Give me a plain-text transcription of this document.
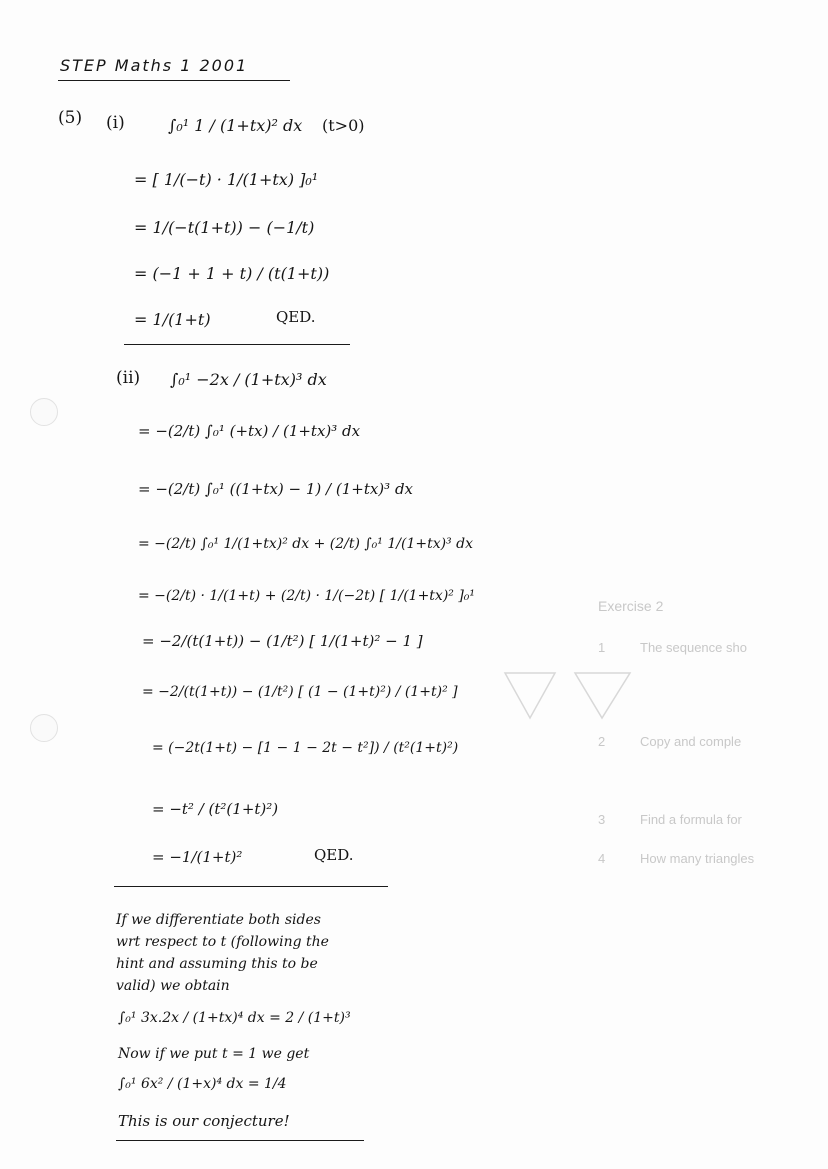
Exercise 2
1	The sequence sho
2	Copy and comple
3	Find a formula for
4	How many triangles
STEP Maths 1 2001
(5) (i)	∫₀¹ 1 / (1+tx)² dx (t>0)
= [ 1/(−t) · 1/(1+tx) ]₀¹
= 1/(−t(1+t)) − (−1/t)
= (−1 + 1 + t) / (t(1+t))
= 1/(1+t)	QED.
(ii) ∫₀¹ −2x / (1+tx)³ dx
= −(2/t) ∫₀¹ (+tx) / (1+tx)³ dx
= −(2/t) ∫₀¹ ((1+tx) − 1) / (1+tx)³ dx
= −(2/t) ∫₀¹ 1/(1+tx)² dx + (2/t) ∫₀¹ 1/(1+tx)³ dx
= −(2/t) · 1/(1+t) + (2/t) · 1/(−2t) [ 1/(1+tx)² ]₀¹
= −2/(t(1+t)) − (1/t²) [ 1/(1+t)² − 1 ]
= −2/(t(1+t)) − (1/t²) [ (1 − (1+t)²) / (1+t)² ]
= (−2t(1+t) − [1 − 1 − 2t − t²]) / (t²(1+t)²)
= −t² / (t²(1+t)²)
= −1/(1+t)²	QED.
If we differentiate both sides
wrt respect to t (following the
hint and assuming this to be
valid) we obtain
∫₀¹ 3x.2x / (1+tx)⁴ dx = 2 / (1+t)³
Now if we put t = 1 we get
∫₀¹ 6x² / (1+x)⁴ dx = 1/4
This is our conjecture!
